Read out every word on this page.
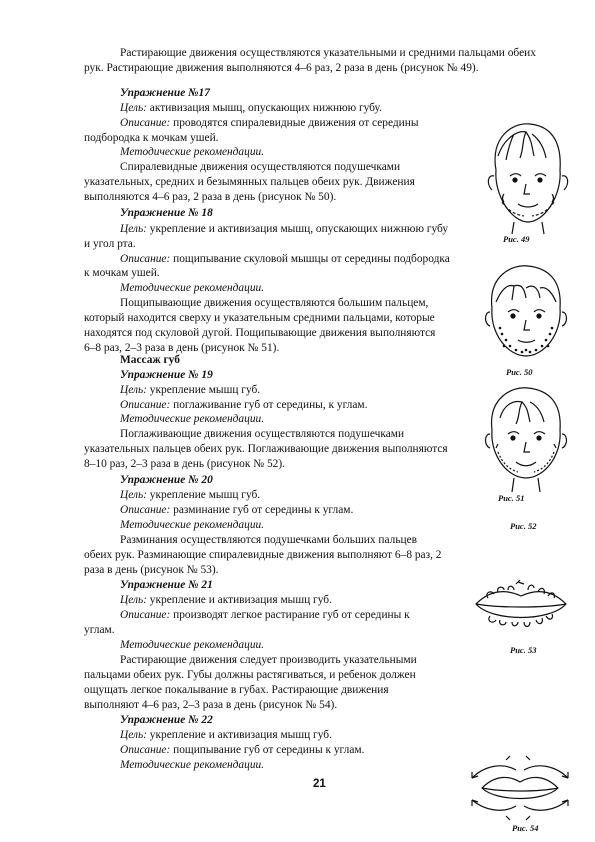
Растирающие движения осуществляются указательными и средними пальцами обеих
рук. Растирающие движения выполняются 4–6 раз, 2 раза в день (рисунок № 49).
Упражнение №17
Цель: активизация мышц, опускающих нижнюю губу.
Описание: проводятся спиралевидные движения от середины
подбородка к мочкам ушей.
Методические рекомендации.
Спиралевидные движения осуществляются подушечками
указательных, средних и безымянных пальцев обеих рук. Движения
выполняются 4–6 раз, 2 раза в день (рисунок № 50).
Упражнение № 18
Цель: укрепление и активизация мышц, опускающих нижнюю губу
и угол рта.
Описание: пощипывание скуловой мышцы от середины подбородка
к мочкам ушей.
Методические рекомендации.
Пощипывающие движения осуществляются большим пальцем,
который находится сверху и указательным средними пальцами, которые
находятся под скуловой дугой. Пощипывающие движения выполняются
6–8 раз, 2–3 раза в день (рисунок № 51).
Массаж губ
Упражнение № 19
Цель: укрепление мышц губ.
Описание: поглаживание губ от середины, к углам.
Методические рекомендации.
Поглаживающие движения осуществляются подушечками
указательных пальцев обеих рук. Поглаживающие движения выполняются
8–10 раз, 2–3 раза в день (рисунок № 52).
Упражнение № 20
Цель: укрепление мышц губ.
Описание: разминание губ от середины к углам.
Методические рекомендации.
Разминания осуществляются подушечками больших пальцев
обеих рук. Разминающие спиралевидные движения выполняют 6–8 раз, 2
раза в день (рисунок № 53).
Упражнение № 21
Цель: укрепление и активизация мышц губ.
Описание: производят легкое растирание губ от середины к
углам.
Методические рекомендации.
Растирающие движения следует производить указательными
пальцами обеих рук. Губы должны растягиваться, и ребенок должен
ощущать легкое покалывание в губах. Растирающие движения
выполняют 4–6 раз, 2–3 раза в день (рисунок № 54).
Упражнение № 22
Цель: укрепление и активизация мышц губ.
Описание: пощипывание губ от середины к углам.
Методические рекомендации.
21
Рис. 49
Рис. 50
Рис. 51
Рис. 52
Рис. 53
Рис. 54
